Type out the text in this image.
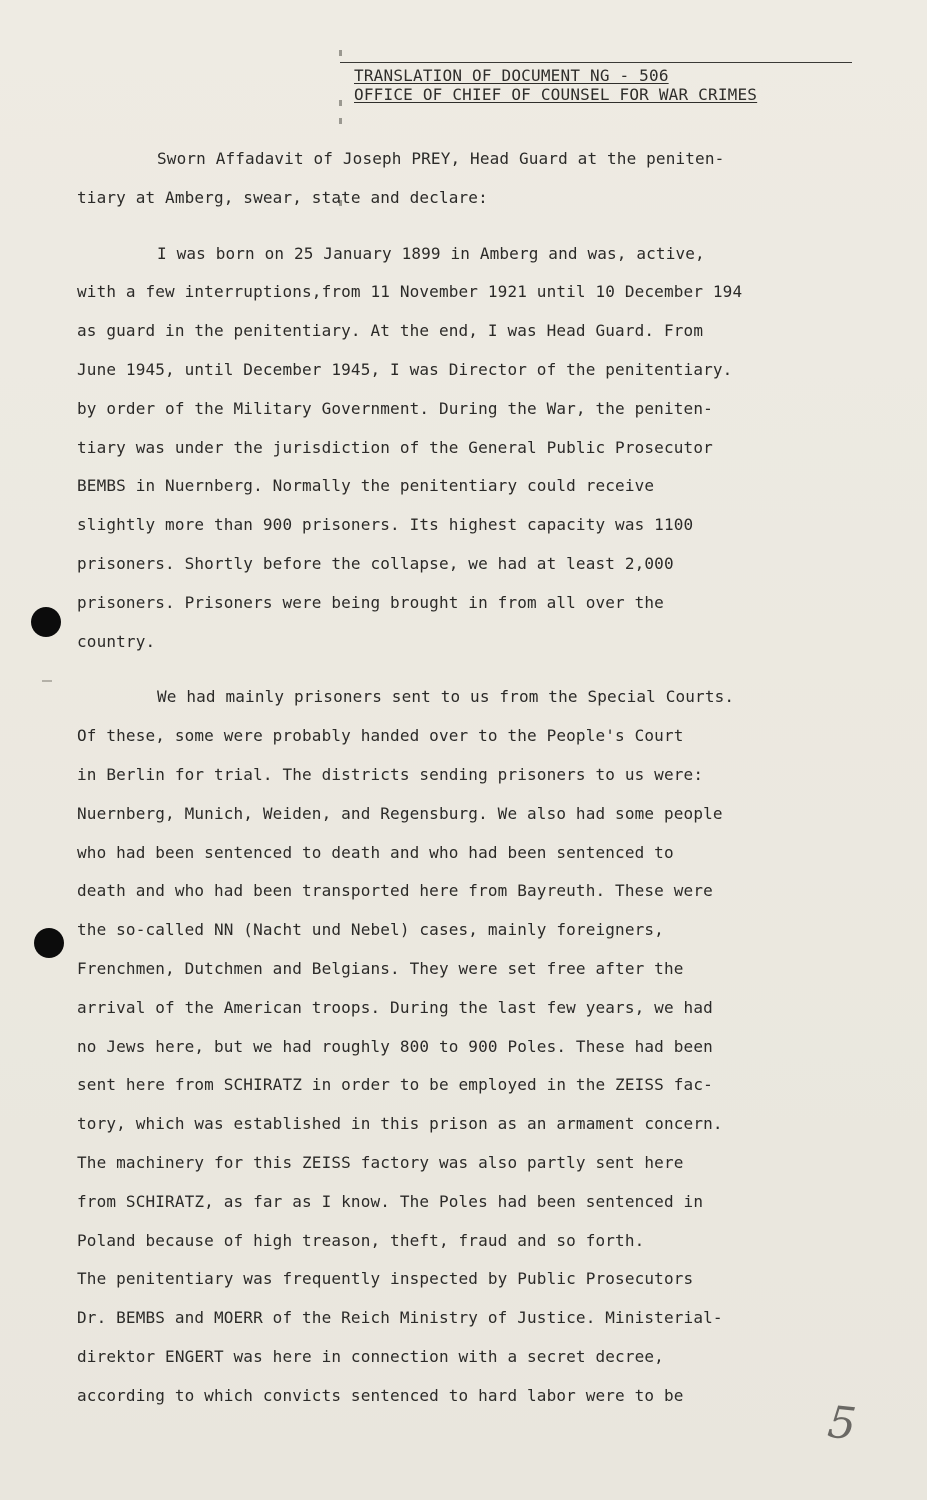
TRANSLATION OF DOCUMENT NG - 506
OFFICE OF CHIEF OF COUNSEL FOR WAR CRIMES
Sworn Affadavit of Joseph PREY, Head Guard at the peniten-
tiary at Amberg, swear, state and declare:
I was born on 25 January 1899 in Amberg and was, active,
with a few interruptions,from 11 November 1921 until 10 December 194
as guard in the penitentiary. At the end, I was Head Guard. From
June 1945, until December 1945, I was Director of the penitentiary.
by order of the Military Government. During the War, the peniten-
tiary was under the jurisdiction of the General Public Prosecutor
BEMBS in Nuernberg. Normally the penitentiary could receive
slightly more than 900 prisoners. Its highest capacity was 1100
prisoners. Shortly before the collapse, we had at least 2,000
prisoners. Prisoners were being brought in from all over the
country.
We had mainly prisoners sent to us from the Special Courts.
Of these, some were probably handed over to the People's Court
in Berlin for trial. The districts sending prisoners to us were:
Nuernberg, Munich, Weiden, and Regensburg. We also had some people
who had been sentenced to death and who had been sentenced to
death and who had been transported here from Bayreuth. These were
the so-called NN (Nacht und Nebel) cases, mainly foreigners,
Frenchmen, Dutchmen and Belgians. They were set free after the
arrival of the American troops. During the last few years, we had
no Jews here, but we had roughly 800 to 900 Poles. These had been
sent here from SCHIRATZ in order to be employed in the ZEISS fac-
tory, which was established in this prison as an armament concern.
The machinery for this ZEISS factory was also partly sent here
from SCHIRATZ, as far as I know. The Poles had been sentenced in
Poland because of high treason, theft, fraud and so forth.
The penitentiary was frequently inspected by Public Prosecutors
Dr. BEMBS and MOERR of the Reich Ministry of Justice. Ministerial-
direktor ENGERT was here in connection with a secret decree,
according to which convicts sentenced to hard labor were to be
5
